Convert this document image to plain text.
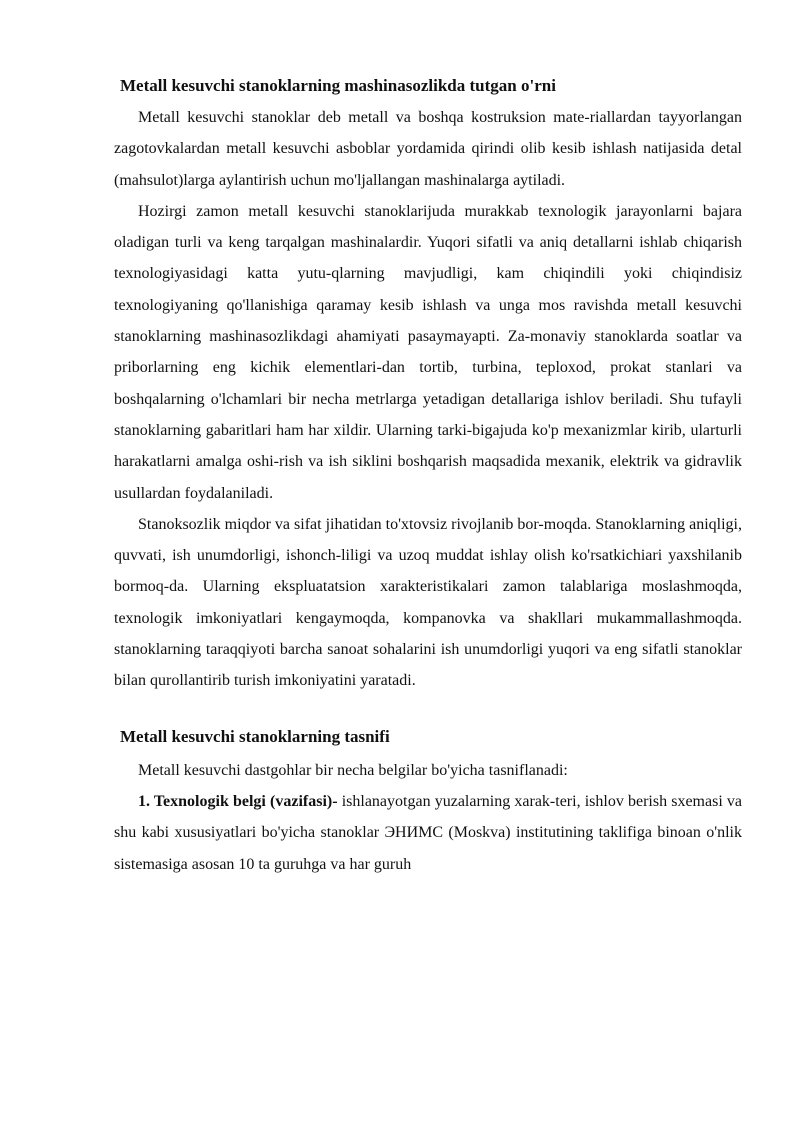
Metall kesuvchi stanoklarning mashinasozlikda tutgan o'rni

Metall kesuvchi stanoklar deb metall va boshqa kostruksion mate-riallardan tayyorlangan zagotovkalardan metall kesuvchi asboblar yordamida qirindi olib kesib ishlash natijasida detal (mahsulot)larga aylantirish uchun mo'ljallangan mashinalarga aytiladi.

Hozirgi zamon metall kesuvchi stanoklarijuda murakkab texnologik jarayonlarni bajara oladigan turli va keng tarqalgan mashinalardir. Yuqori sifatli va aniq detallarni ishlab chiqarish texnologiyasidagi katta yutu-qlarning mavjudligi, kam chiqindili yoki chiqindisiz texnologiyaning qo'llanishiga qaramay kesib ishlash va unga mos ravishda metall kesuvchi stanoklarning mashinasozlikdagi ahamiyati pasaymayapti. Za-monaviy stanoklarda soatlar va priborlarning eng kichik elementlari-dan tortib, turbina, teploxod, prokat stanlari va boshqalarning o'lchamlari bir necha metrlarga yetadigan detallariga ishlov beriladi. Shu tufayli stanoklarning gabaritlari ham har xildir. Ularning tarki-bigajuda ko'p mexanizmlar kirib, ularturli harakatlarni amalga oshi-rish va ish siklini boshqarish maqsadida mexanik, elektrik va gidravlik usullardan foydalaniladi.

Stanoksozlik miqdor va sifat jihatidan to'xtovsiz rivojlanib bor-moqda. Stanoklarning aniqligi, quvvati, ish unumdorligi, ishonch-liligi va uzoq muddat ishlay olish ko'rsatkichiari yaxshilanib bormoq-da. Ularning ekspluatatsion xarakteristikalari zamon talablariga moslashmoqda, texnologik imkoniyatlari kengaymoqda, kompanovka va shakllari mukammallashmoqda. stanoklarning taraqqiyoti barcha sanoat sohalarini ish unumdorligi yuqori va eng sifatli stanoklar bilan qurollantirib turish imkoniyatini yaratadi.

Metall kesuvchi stanoklarning tasnifi

Metall kesuvchi dastgohlar bir necha belgilar bo'yicha tasniflanadi:

1. Texnologik belgi (vazifasi)- ishlanayotgan yuzalarning xarak-teri, ishlov berish sxemasi va shu kabi xususiyatlari bo'yicha stanoklar ЭНИМС (Moskva) institutining taklifiga binoan o'nlik sistemasiga asosan 10 ta guruhga va har guruh
